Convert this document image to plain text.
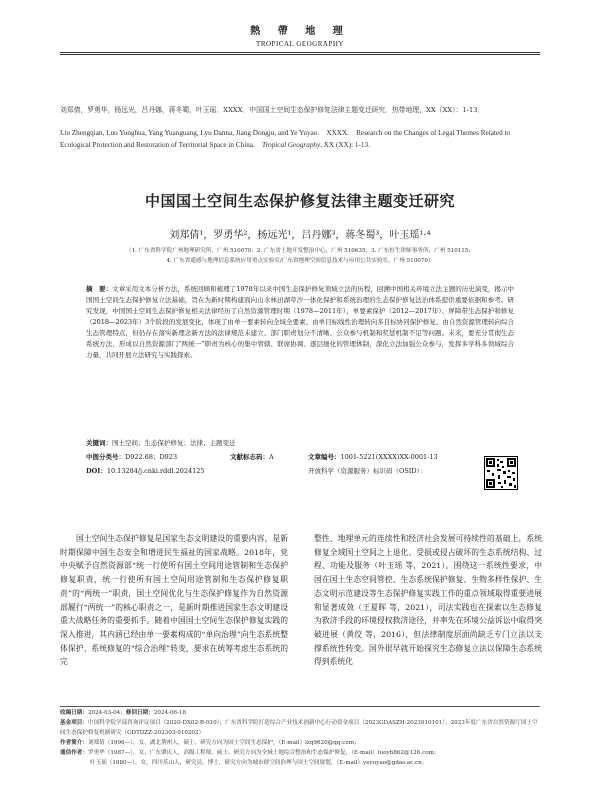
熱 帶 地 理
TROPICAL GEOGRAPHY
刘郑倩，罗勇华，杨远光，吕丹娜，蒋冬蜀，叶玉瑶．XXXX．中国国土空间生态保护修复法律主题变迁研究．热带地理，XX（XX）：1-13．
Liu Zhengqian, Luo Yonghua, Yang Yuanguang, Lyu Danna, Jiang Dongju, and Ye Yuyao.　XXXX.　Research on the Changes of Legal Themes Related to Ecological Protection and Restoration of Territorial Space in China.　Tropical Geography, XX (XX): 1-13.
中国国土空间生态保护修复法律主题变迁研究
刘郑倩¹，罗勇华²，杨远光¹，吕丹娜³，蒋冬蜀³，叶玉瑶¹·⁴
（1. 广东省科学院广州地理研究所，广州 510070；2. 广东省土地开发整治中心，广州 510635；3. 广东恒生律师事务所，广州 510115；
4. 广东省遥感与地理信息系统应用重点实验室/广东省地理空间信息技术与应用公共实验室，广州 510070）
摘　要：文章采用文本分析方法，系统回顾和梳理了1978年以来中国生态保护修复领域立法的历程，回溯中国相关环境立法主题的历史演变，揭示中国国土空间生态保护修复立法基础，旨在为新时期构建面向山水林田湖草沙一体化保护和系统治理的生态保护修复法治体系提供重要依据和参考。研究发现，中国国土空间生态保护修复相关法律经历了自然资源管理时期（1978—2011年）、单要素保护（2012—2017年）、屏障带生态保护和修复（2018—2023年）3个阶段的发展变化，体现了由单一要素转向全域全要素、由单目标线性治理转向多目标协同保护修复、由自然资源管理转向综合生态管理特点，但仍存在落实新理念新方法的法律规范未建立、部门职责划分不清晰、公众参与机制和奖惩机制不足等问题。未来，要充分贯彻生态系统方法，形成以自然资源部门“两统一”职责为核心的集中管辖、联席协调、逐层细化的管理体制，深化立法加强公众参与，发挥多学科多领域综合力量，共同开展立法研究与实践探索。
关键词：国土空间；生态保护修复；法律；主题变迁
中图分类号：D922.68；D923	文献标志码：A
DOI：10.13284/j.cnki.rddl.2024125
文章编号：1001-5221(XXXX)XX-0001-13
开放科学（资源服务）标识码（OSID）：
国土空间生态保护修复是国家生态文明建设的重要内容，是新时期保障中国生态安全和增进民生福祉的国家战略。2018年，党中央赋予自然资源部“统一行使所有国土空间用途管制和生态保护修复职责，统一行使所有国土空间用途管制和生态保护修复职责”的“两统一”职责，国土空间优化与生态保护修复作为自然资源部履行“两统一”的核心职责之一，是新时期推进国家生态文明建设重大战略任务的重要抓手。随着中国国土空间生态保护修复实践的深入推进，其内涵已经由单一要素构成的“单向治理”向生态系统整体保护、系统修复的“综合治理”转变，要求在统筹考虑生态系统的完
整性、地理单元的连续性和经济社会发展可持续性的基础上，系统修复全域国土空间之上退化、受损或侵占破坏的生态系统结构、过程、功能及服务（叶玉瑶 等，2021）。围绕这一系统性要求，中国在国土生态空间管控、生态系统保护修复、生物多样性保护、生态文明示范建设等生态保护修复实践工作的重点领域取得重要进展和显著成效（王夏晖 等，2021），司法实践也在探索以生态修复为救济手段的环境侵权救济途径，并率先在环境公益诉讼中取得突破进展（黄佼 等，2016），但法律制度层面尚缺乏专门立法以支撑系统性转变。国外很早就开始探究生态修复立法以保障生态系统得到系统化
收稿日期：2024-03-04；修回日期：2024-06-18
基金项目：中国科学院学部咨询评议项目（2020-DX02-B-010）；广东省科学院打造综合产业技术创新中心行动资金项目（2023GDASZH-2023010101）；2023年度广东省自然资源厅国土空间生态保护修复机制研究（GDTDZZ-202303-010202）
作者简介：刘郑倩（1996—），女，湖北荆州人，硕士，研究方向为国土空间生态保护，（E-mail）lzq9620@qq.com；
通信作者：罗勇华（1987—），女，广东肇庆人，高级工程师，硕士，研究方向为全域土地综合整治和生态保护修复，（E-mail）luoyh862@126.com；
叶玉瑶（1980—），女，四川乐山人，研究员，博士，研究方向为城市群空间治理与国土空间规划，（E-mail）yeyuyao@gdas.ac.cn。
